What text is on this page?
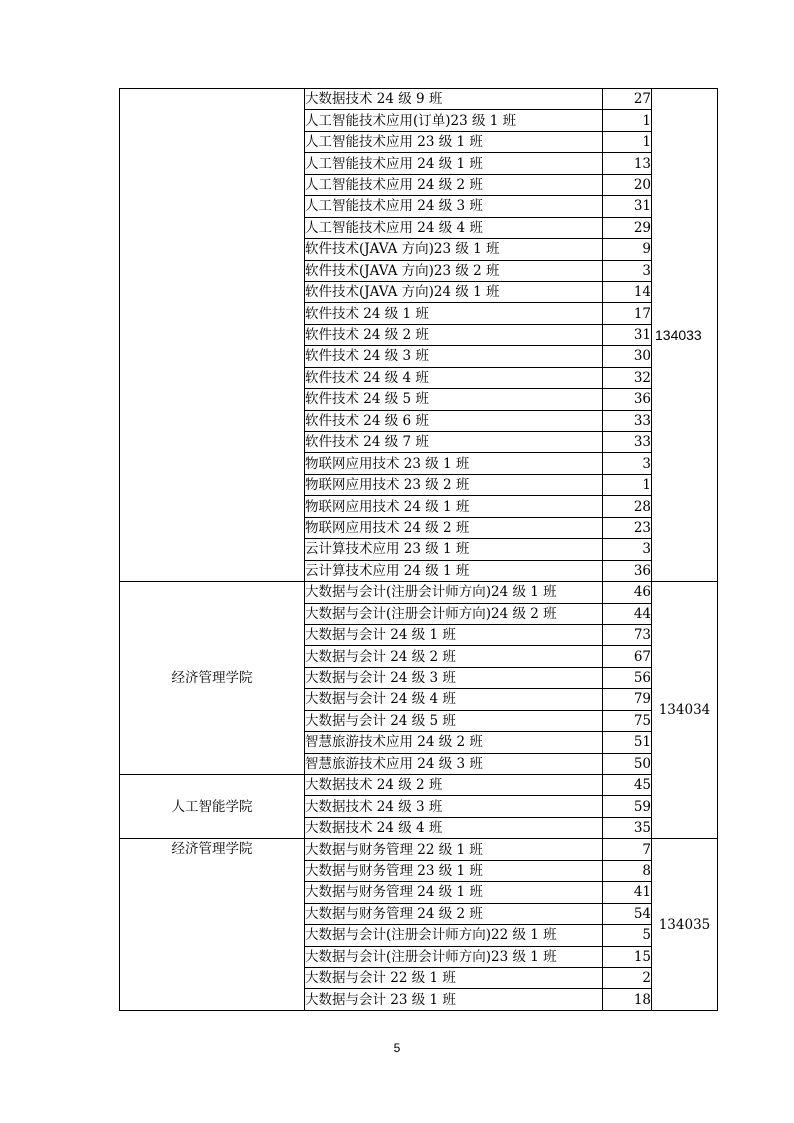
	大数据技术 24 级 9 班	27	134033
	人工智能技术应用(订单)23 级 1 班	1	
	人工智能技术应用 23 级 1 班	1	
	人工智能技术应用 24 级 1 班	13	
	人工智能技术应用 24 级 2 班	20	
	人工智能技术应用 24 级 3 班	31	
	人工智能技术应用 24 级 4 班	29	
	软件技术(JAVA 方向)23 级 1 班	9	
	软件技术(JAVA 方向)23 级 2 班	3	
	软件技术(JAVA 方向)24 级 1 班	14	
	软件技术 24 级 1 班	17	
	软件技术 24 级 2 班	31	
	软件技术 24 级 3 班	30	
	软件技术 24 级 4 班	32	
	软件技术 24 级 5 班	36	
	软件技术 24 级 6 班	33	
	软件技术 24 级 7 班	33	
	物联网应用技术 23 级 1 班	3	
	物联网应用技术 23 级 2 班	1	
	物联网应用技术 24 级 1 班	28	
	物联网应用技术 24 级 2 班	23	
	云计算技术应用 23 级 1 班	3	
	云计算技术应用 24 级 1 班	36	
经济管理学院	大数据与会计(注册会计师方向)24 级 1 班	46	134034
	大数据与会计(注册会计师方向)24 级 2 班	44	
	大数据与会计 24 级 1 班	73	
	大数据与会计 24 级 2 班	67	
	大数据与会计 24 级 3 班	56	
	大数据与会计 24 级 4 班	79	
	大数据与会计 24 级 5 班	75	
	智慧旅游技术应用 24 级 2 班	51	
	智慧旅游技术应用 24 级 3 班	50	
人工智能学院	大数据技术 24 级 2 班	45	
	大数据技术 24 级 3 班	59	
	大数据技术 24 级 4 班	35	
经济管理学院	大数据与财务管理 22 级 1 班	7	134035
	大数据与财务管理 23 级 1 班	8	
	大数据与财务管理 24 级 1 班	41	
	大数据与财务管理 24 级 2 班	54	
	大数据与会计(注册会计师方向)22 级 1 班	5	
	大数据与会计(注册会计师方向)23 级 1 班	15	
	大数据与会计 22 级 1 班	2	
	大数据与会计 23 级 1 班	18	
5
